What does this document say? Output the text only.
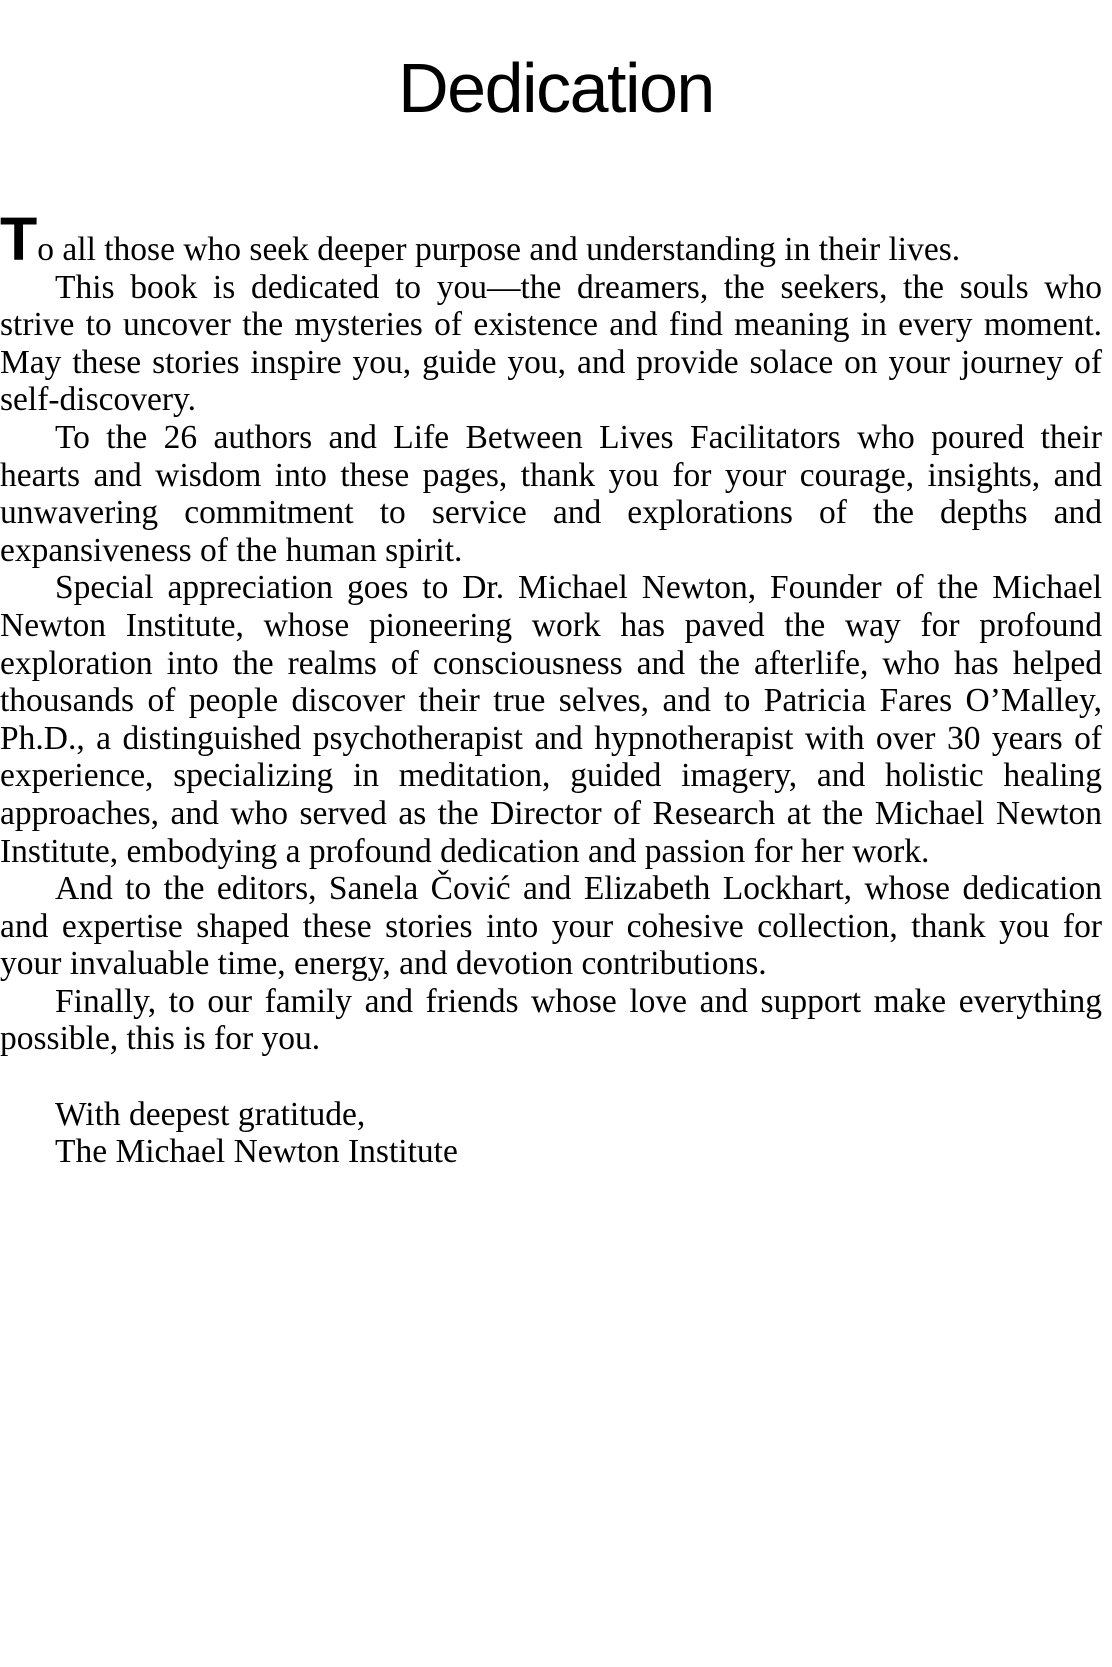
Dedication

To all those who seek deeper purpose and understanding in their lives.

This book is dedicated to you—the dreamers, the seekers, the souls who strive to uncover the mysteries of existence and find meaning in every moment. May these stories inspire you, guide you, and provide solace on your journey of self-discovery.

To the 26 authors and Life Between Lives Facilitators who poured their hearts and wisdom into these pages, thank you for your courage, insights, and unwavering commitment to service and explorations of the depths and expansiveness of the human spirit.

Special appreciation goes to Dr. Michael Newton, Founder of the Michael Newton Institute, whose pioneering work has paved the way for profound exploration into the realms of consciousness and the afterlife, who has helped thousands of people discover their true selves, and to Patricia Fares O’Malley, Ph.D., a distinguished psychotherapist and hypnotherapist with over 30 years of experience, specializing in meditation, guided imagery, and holistic healing approaches, and who served as the Director of Research at the Michael Newton Institute, embodying a profound dedication and passion for her work.

And to the editors, Sanela Čović and Elizabeth Lockhart, whose dedication and expertise shaped these stories into your cohesive collection, thank you for your invaluable time, energy, and devotion contributions.

Finally, to our family and friends whose love and support make everything possible, this is for you.

With deepest gratitude,

The Michael Newton Institute
